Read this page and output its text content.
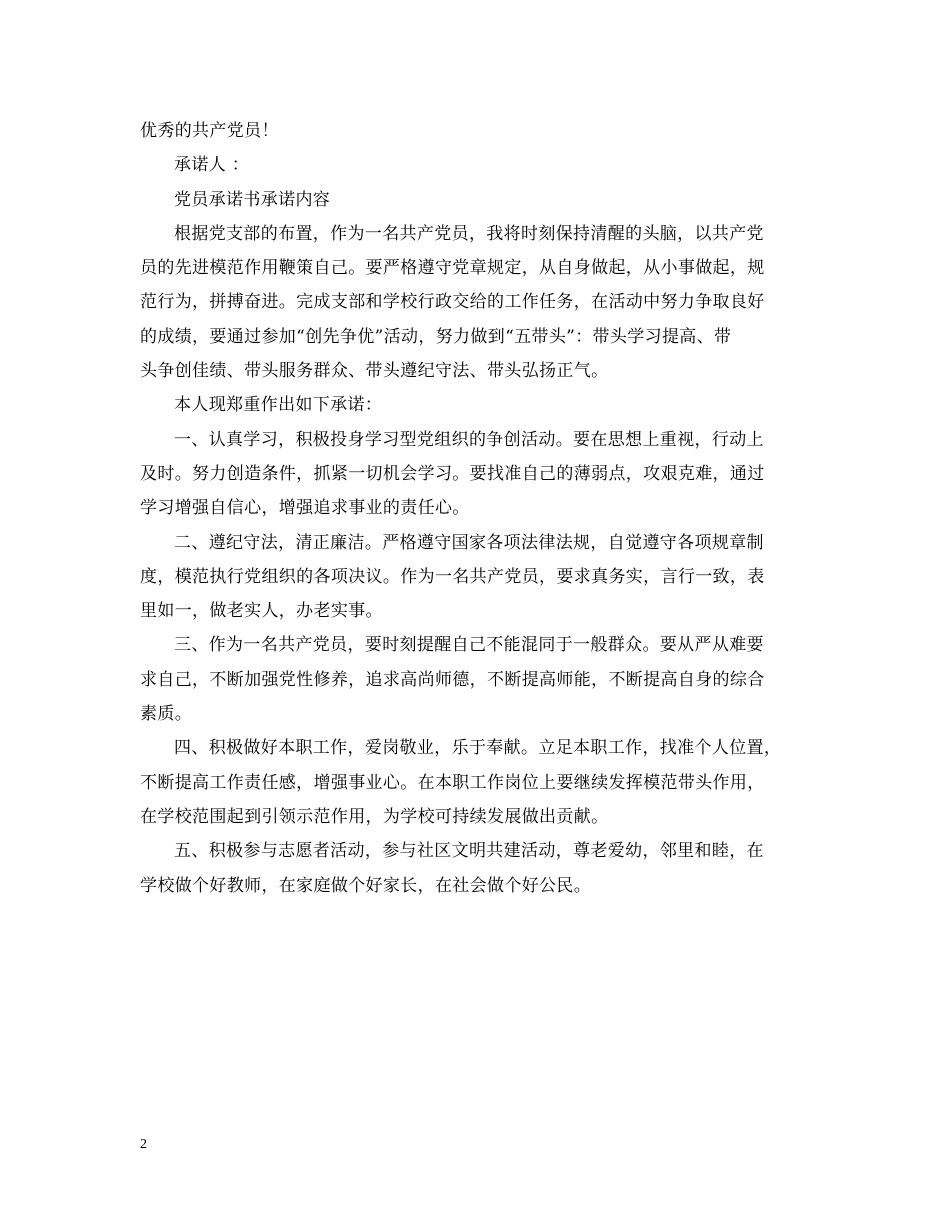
优秀的共产党员！
承诺人 ：
党员承诺书承诺内容
根据党支部的布置，作为一名共产党员，我将时刻保持清醒的头脑，以共产党
员的先进模范作用鞭策自己。要严格遵守党章规定，从自身做起，从小事做起，规
范行为，拼搏奋进。完成支部和学校行政交给的工作任务，在活动中努力争取良好
的成绩，要通过参加“创先争优”活动，努力做到“五带头”：带头学习提高、带
头争创佳绩、带头服务群众、带头遵纪守法、带头弘扬正气。
本人现郑重作出如下承诺：
一、认真学习，积极投身学习型党组织的争创活动。要在思想上重视，行动上
及时。努力创造条件，抓紧一切机会学习。要找准自己的薄弱点，攻艰克难，通过
学习增强自信心，增强追求事业的责任心。
二、遵纪守法，清正廉洁。严格遵守国家各项法律法规，自觉遵守各项规章制
度，模范执行党组织的各项决议。作为一名共产党员，要求真务实，言行一致，表
里如一，做老实人，办老实事。
三、作为一名共产党员，要时刻提醒自己不能混同于一般群众。要从严从难要
求自己，不断加强党性修养，追求高尚师德，不断提高师能，不断提高自身的综合
素质。
四、积极做好本职工作，爱岗敬业，乐于奉献。立足本职工作，找准个人位置，
不断提高工作责任感，增强事业心。在本职工作岗位上要继续发挥模范带头作用，
在学校范围起到引领示范作用，为学校可持续发展做出贡献。
五、积极参与志愿者活动，参与社区文明共建活动，尊老爱幼，邻里和睦，在
学校做个好教师，在家庭做个好家长，在社会做个好公民。
2
